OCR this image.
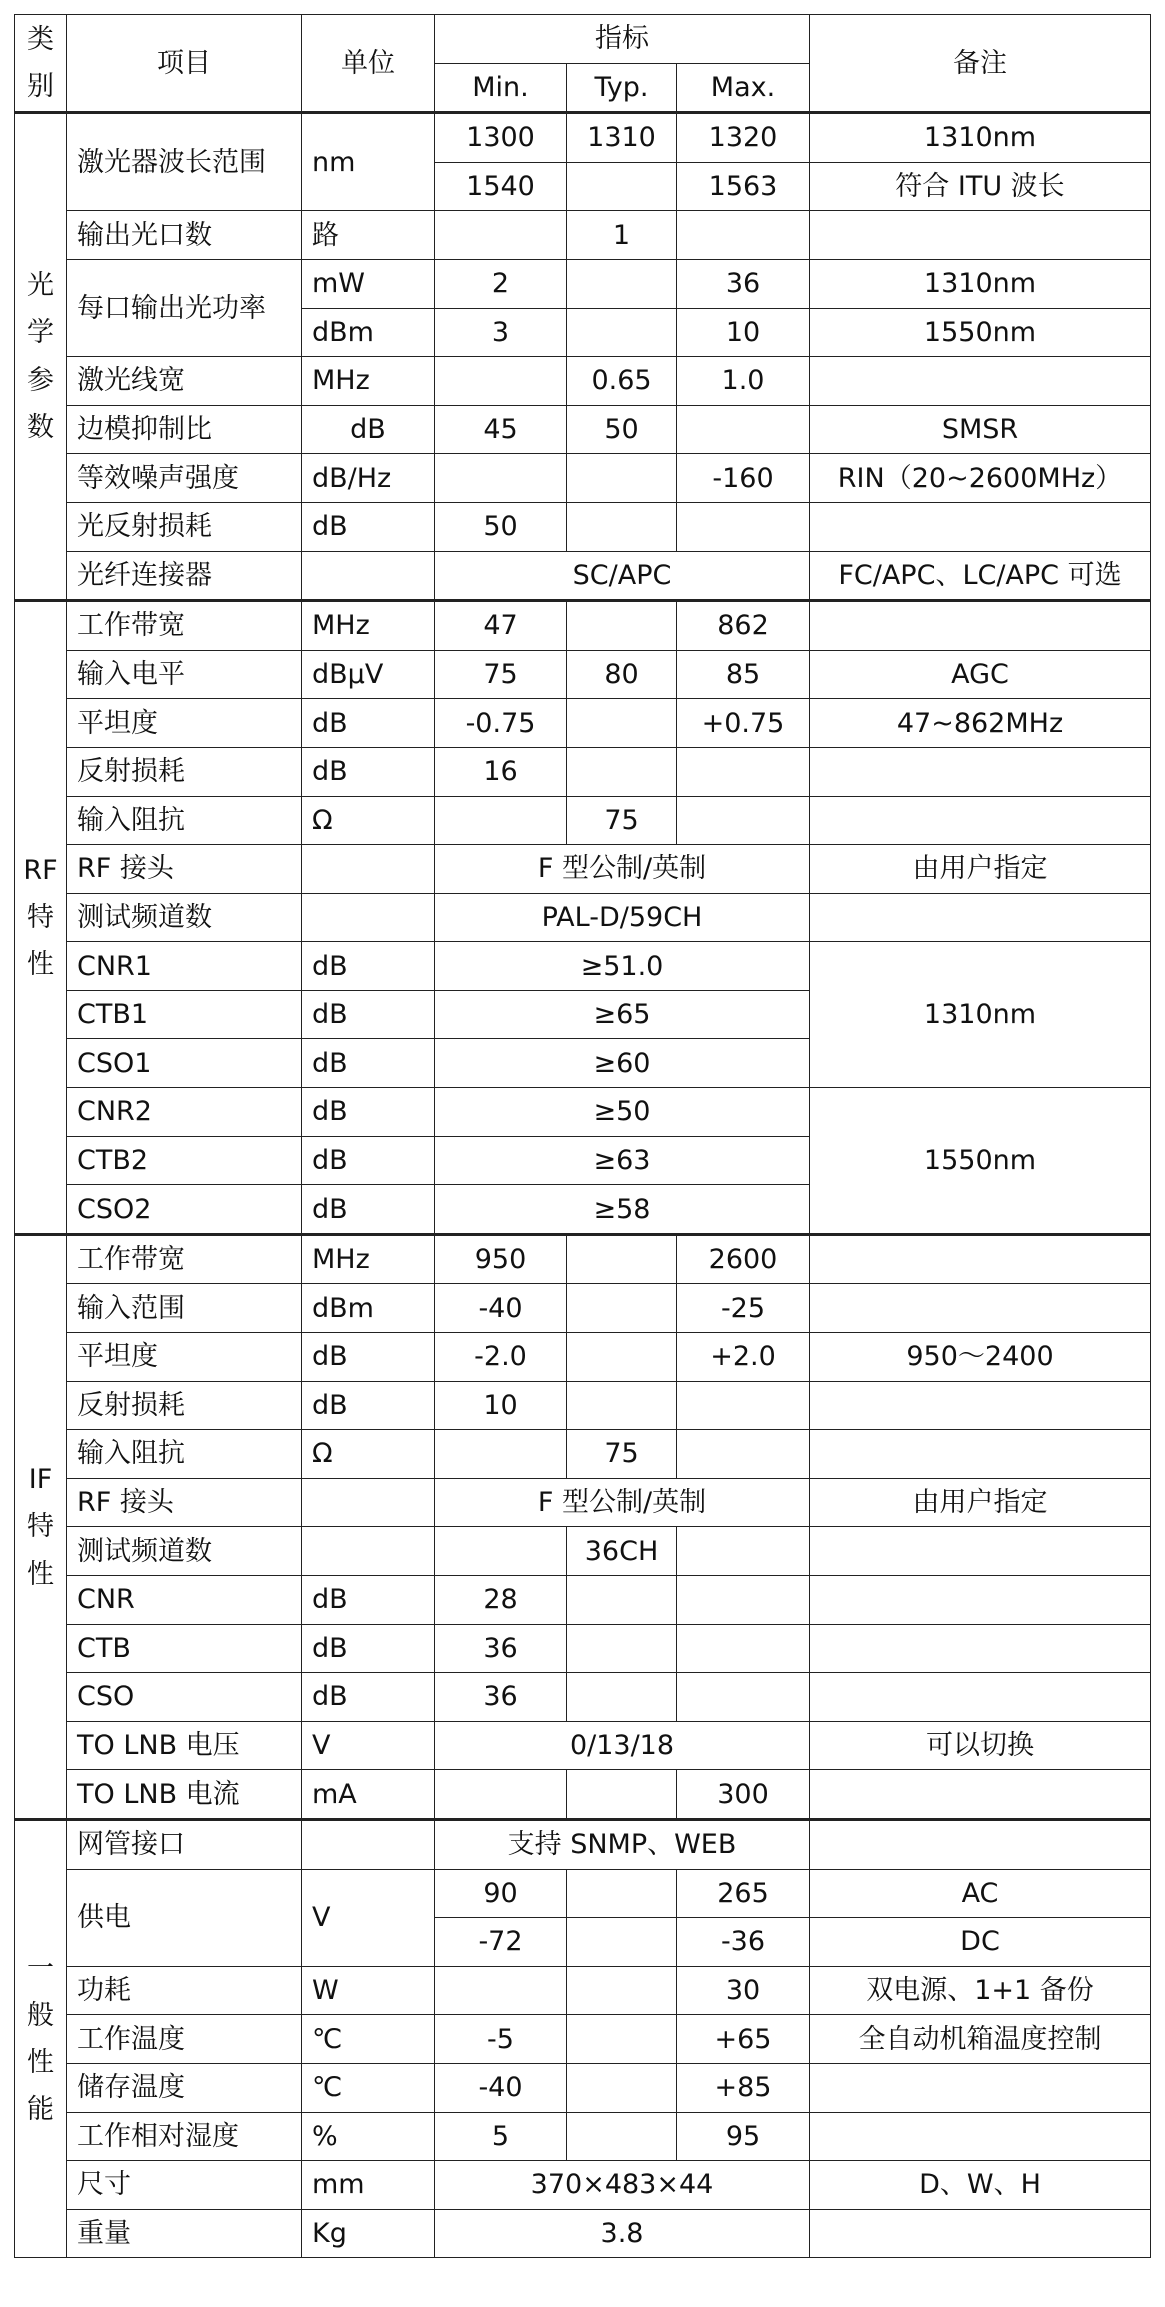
类
别	项目	单位	指标			备注
			Min.	Typ.	Max.	
光
学
参
数	激光器波长范围	nm	1300	1310	1320	1310nm
			1540		1563	符合 ITU 波长
	输出光口数	路		1		
	每口输出光功率	mW	2		36	1310nm
		dBm	3		10	1550nm
	激光线宽	MHz		0.65	1.0	
	边模抑制比	dB	45	50		SMSR
	等效噪声强度	dB/Hz			-160	RIN（20~2600MHz）
	光反射损耗	dB	50			
	光纤连接器		SC/APC			FC/APC、LC/APC 可选
RF
特
性	工作带宽	MHz	47		862	
	输入电平	dBμV	75	80	85	AGC
	平坦度	dB	-0.75		+0.75	47~862MHz
	反射损耗	dB	16			
	输入阻抗	Ω		75		
	RF 接头		F 型公制/英制			由用户指定
	测试频道数		PAL-D/59CH			
	CNR1	dB	≥51.0			1310nm
	CTB1	dB	≥65			
	CSO1	dB	≥60			
	CNR2	dB	≥50			1550nm
	CTB2	dB	≥63			
	CSO2	dB	≥58			
IF
特
性	工作带宽	MHz	950		2600	
	输入范围	dBm	-40		-25	
	平坦度	dB	-2.0		+2.0	950～2400
	反射损耗	dB	10			
	输入阻抗	Ω		75		
	RF 接头		F 型公制/英制			由用户指定
	测试频道数			36CH		
	CNR	dB	28			
	CTB	dB	36			
	CSO	dB	36			
	TO LNB 电压	V	0/13/18			可以切换
	TO LNB 电流	mA			300	
一
般
性
能	网管接口		支持 SNMP、WEB			
	供电	V	90		265	AC
			-72		-36	DC
	功耗	W			30	双电源、1+1 备份
	工作温度	℃	-5		+65	全自动机箱温度控制
	储存温度	℃	-40		+85	
	工作相对湿度	%	5		95	
	尺寸	mm	370×483×44			D、W、H
	重量	Kg	3.8			
